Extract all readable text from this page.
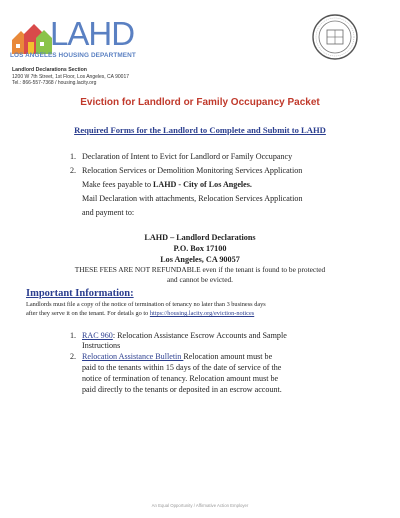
LAHD
LOS ANGELES HOUSING DEPARTMENT
Landlord Declarations Section
1200 W 7th Street, 1st Floor, Los Angeles, CA 90017
Tel.: 866-557-7368 / housing.lacity.org
Eviction for Landlord or Family Occupancy Packet
Required Forms for the Landlord to Complete and Submit to LAHD
1. Declaration of Intent to Evict for Landlord or Family Occupancy
2. Relocation Services or Demolition Monitoring Services Application
Make fees payable to LAHD - City of Los Angeles.
Mail Declaration with attachments, Relocation Services Application
and payment to:
LAHD – Landlord Declarations
P.O. Box 17100
Los Angeles, CA 90057
THESE FEES ARE NOT REFUNDABLE even if the tenant is found to be protected
and cannot be evicted.
Important Information:
Landlords must file a copy of the notice of termination of tenancy no later than 3 business days
after they serve it on the tenant. For details go to https://housing.lacity.org/eviction-notices
1. RAC 960: Relocation Assistance Escrow Accounts and Sample
Instructions
2. Relocation Assistance Bulletin Relocation amount must be
paid to the tenants within 15 days of the date of service of the
notice of termination of tenancy. Relocation amount must be
paid directly to the tenants or deposited in an escrow account.
An Equal Opportunity / Affirmative Action Employer
